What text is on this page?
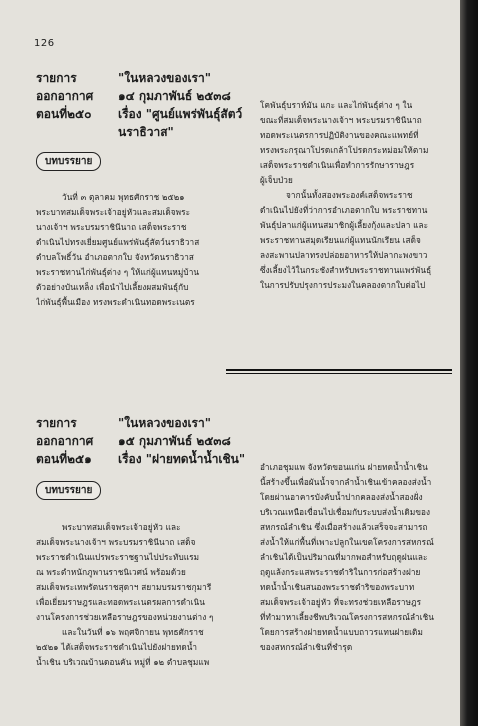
126
รายการ	"ในหลวงของเรา"
ออกอากาศ	๑๔ กุมภาพันธ์ ๒๕๓๘
ตอนที่๒๕๐	เรื่อง "ศูนย์แพร่พันธุ์สัตว์
นราธิวาส"
บทบรรยาย
วันที่ ๓ ตุลาคม พุทธศักราช ๒๕๒๑
พระบาทสมเด็จพระเจ้าอยู่หัวและสมเด็จพระ
นางเจ้าฯ พระบรมราชินีนาถ เสด็จพระราช
ดำเนินไปทรงเยี่ยมศูนย์แพร่พันธุ์สัตว์นราธิวาส
ตำบลโพธิ์วัน อำเภอตากใบ จังหวัดนราธิวาส
พระราชทานไก่พันธุ์ต่าง ๆ ให้แก่ผู้แทนหมู่บ้าน
ตัวอย่างบันเหล็ง เพื่อนำไปเลี้ยงผสมพันธุ์กับ
ไก่พันธุ์พื้นเมือง ทรงพระดำเนินทอดพระเนตร
โคพันธุ์บราห์มัน แกะ และไก่พันธุ์ต่าง ๆ ใน
ขณะที่สมเด็จพระนางเจ้าฯ พระบรมราชินีนาถ
ทอดพระเนตรการปฏิบัติงานของคณะแพทย์ที่
ทรงพระกรุณาโปรดเกล้าโปรดกระหม่อมให้ตาม
เสด็จพระราชดำเนินเพื่อทำการรักษาราษฎร
ผู้เจ็บป่วย
จากนั้นทั้งสองพระองค์เสด็จพระราช
ดำเนินไปยังที่ว่าการอำเภอตากใบ พระราชทาน
พันธุ์ปลาแก่ผู้แทนสมาชิกผู้เลี้ยงกุ้งและปลา และ
พระราชทานสมุดเรียนแก่ผู้แทนนักเรียน เสด็จ
ลงสะพานปลาทรงปล่อยอาหารให้ปลากะพงขาว
ซึ่งเลี้ยงไว้ในกระชังสำหรับพระราชทานแพร่พันธุ์
ในการปรับปรุงการประมงในคลองตากใบต่อไป
รายการ	"ในหลวงของเรา"
ออกอากาศ	๑๕ กุมภาพันธ์ ๒๕๓๘
ตอนที่๒๕๑	เรื่อง "ฝายทดน้ำน้ำเชิน"
บทบรรยาย
พระบาทสมเด็จพระเจ้าอยู่หัว และ
สมเด็จพระนางเจ้าฯ พระบรมราชินีนาถ เสด็จ
พระราชดำเนินแปรพระราชฐานไปประทับแรม
ณ พระตำหนักภูพานราชนิเวศน์ พร้อมด้วย
สมเด็จพระเทพรัตนราชสุดาฯ สยามบรมราชกุมารี
เพื่อเยี่ยมราษฎรและทอดพระเนตรผลการดำเนิน
งานโครงการช่วยเหลือราษฎรของหน่วยงานต่าง ๆ
และในวันที่ ๑๖ พฤศจิกายน พุทธศักราช
๒๕๒๑ ได้เสด็จพระราชดำเนินไปยังฝายทดน้ำ
น้ำเชิน บริเวณบ้านดอนคัน หมู่ที่ ๑๒ ตำบลชุมแพ
อำเภอชุมแพ จังหวัดขอนแก่น ฝายทดน้ำน้ำเชิน
นี้สร้างขึ้นเพื่อผันน้ำจากลำน้ำเชินเข้าคลองส่งน้ำ
โดยผ่านอาคารบังคับน้ำปากคลองส่งน้ำสองฝั่ง
บริเวณเหนือเขื่อนไปเชื่อมกับระบบส่งน้ำเดิมของ
สหกรณ์ลำเชิน ซึ่งเมื่อสร้างแล้วเสร็จจะสามารถ
ส่งน้ำให้แก่พื้นที่เพาะปลูกในเขตโครงการสหกรณ์
ลำเชินได้เป็นปริมาณที่มากพอสำหรับฤดูฝนและ
ฤดูแล้งกระแสพระราชดำริในการก่อสร้างฝาย
ทดน้ำน้ำเชินสนองพระราชดำริของพระบาท
สมเด็จพระเจ้าอยู่หัว ที่จะทรงช่วยเหลือราษฎร
ที่ทำมาหาเลี้ยงชีพบริเวณโครงการสหกรณ์ลำเชิน
โดยการสร้างฝายทดน้ำแบบถาวรแทนฝายเดิม
ของสหกรณ์ลำเชินที่ชำรุด
